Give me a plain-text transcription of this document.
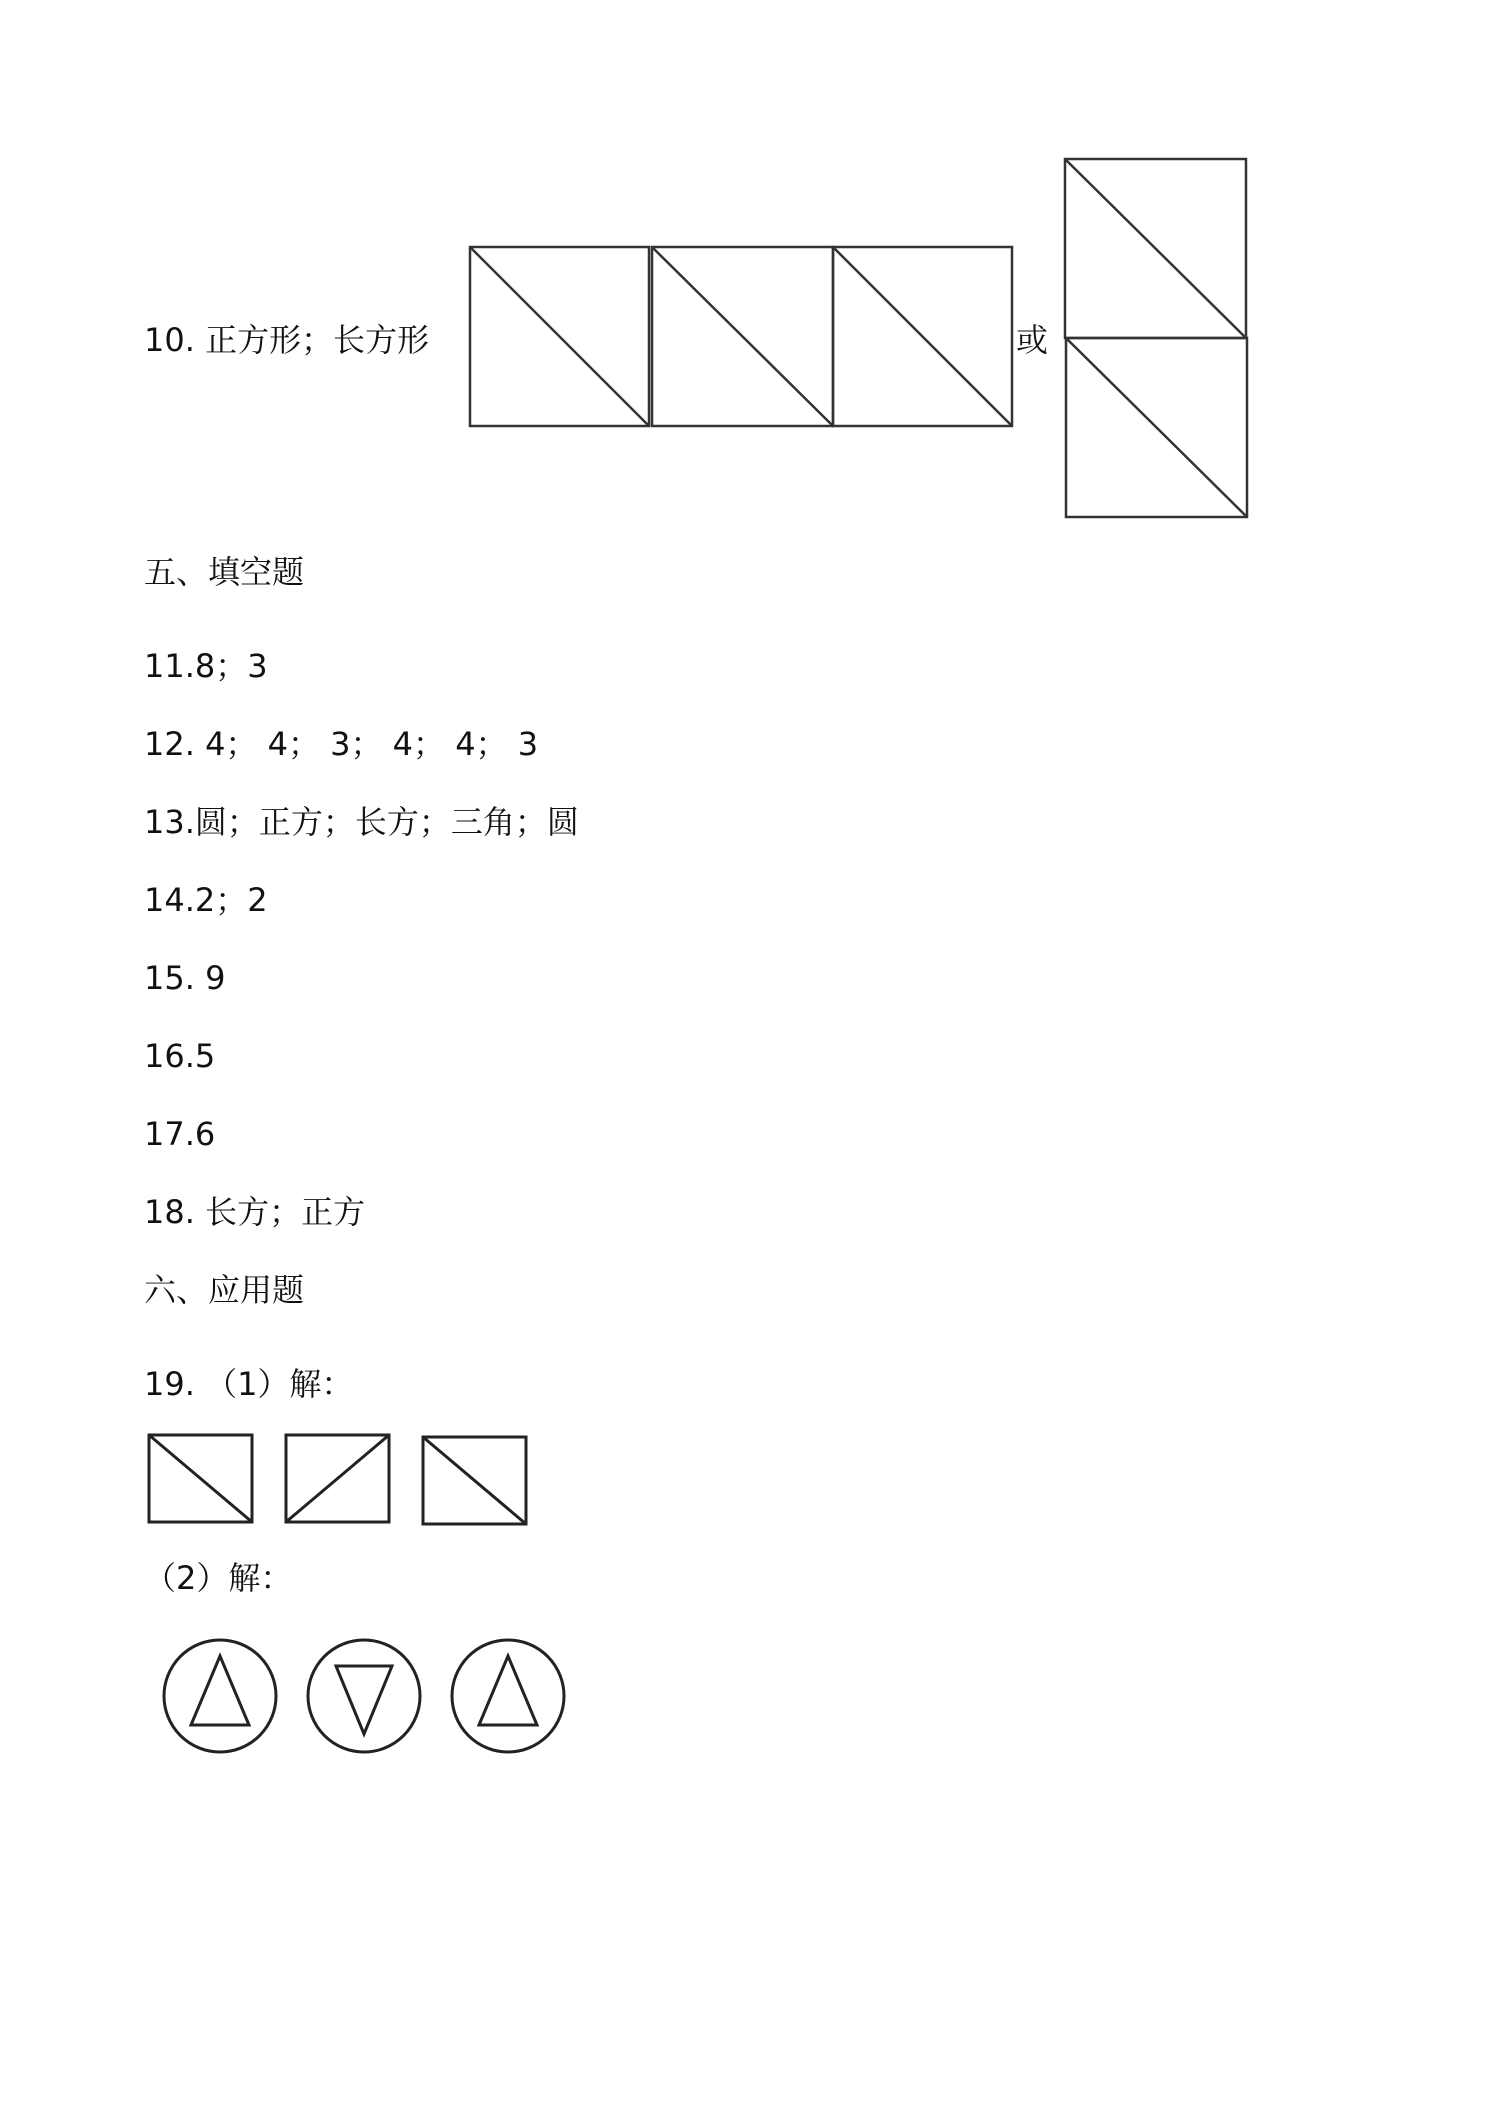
10. 正方形；长方形	或
五、填空题
11.8；3
12. 4； 4； 3； 4； 4； 3
13.圆；正方；长方；三角；圆
14.2；2
15. 9
16.5
17.6
18. 长方；正方
六、应用题
19. （1）解：
（2）解：
